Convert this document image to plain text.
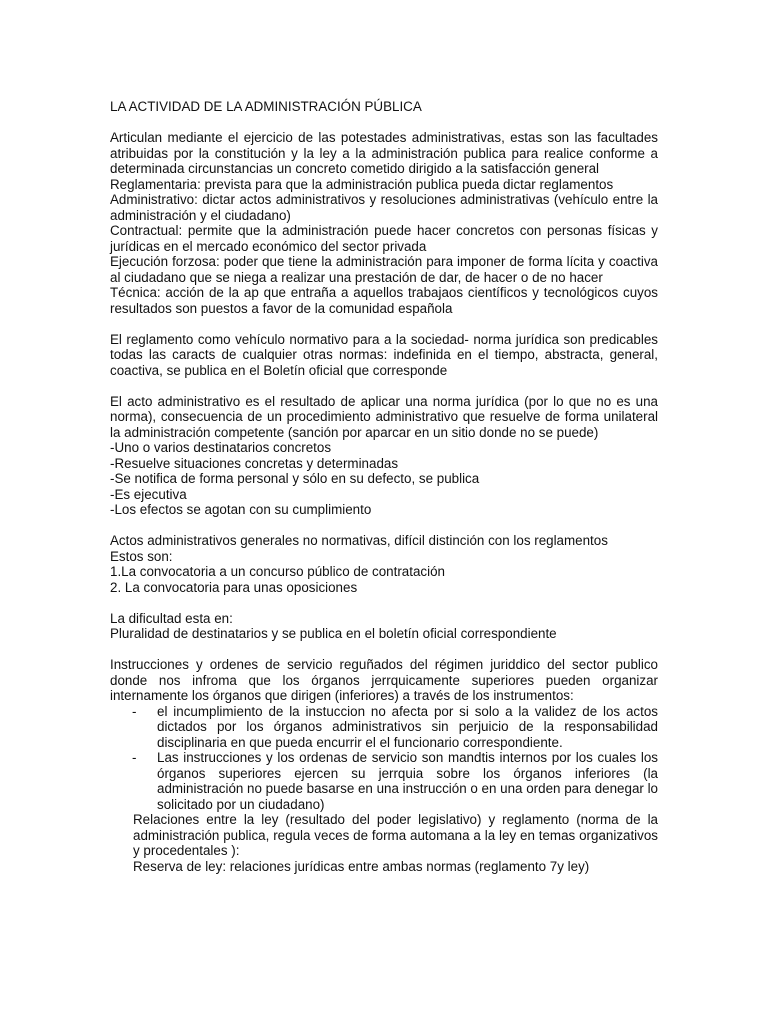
LA ACTIVIDAD DE LA ADMINISTRACIÓN PÚBLICA

Articulan mediante el ejercicio de las potestades administrativas, estas son las facultades atribuidas por la constitución y la ley a la administración publica para realice conforme a determinada circunstancias un concreto cometido dirigido a la satisfacción general

Reglamentaria: prevista para que la administración publica pueda dictar reglamentos

Administrativo: dictar actos administrativos y resoluciones administrativas (vehículo entre la administración y el ciudadano)

Contractual: permite que la administración puede hacer concretos con personas físicas y jurídicas en el mercado económico del sector privada

Ejecución forzosa: poder que tiene la administración para imponer de forma lícita y coactiva al ciudadano que se niega a realizar una prestación de dar, de hacer o de no hacer

Técnica: acción de la ap que entraña a aquellos trabajaos científicos y tecnológicos cuyos resultados son puestos a favor de la comunidad española

El reglamento como vehículo normativo para a la sociedad- norma jurídica son predicables todas las caracts de cualquier otras normas: indefinida en el tiempo, abstracta, general, coactiva, se publica en el Boletín oficial que corresponde

El acto administrativo es el resultado de aplicar una norma jurídica (por lo que no es una norma), consecuencia de un procedimiento administrativo que resuelve de forma unilateral la administración competente (sanción por aparcar en un sitio donde no se puede)

-Uno o varios destinatarios concretos

-Resuelve situaciones concretas y determinadas

-Se notifica de forma personal y sólo en su defecto, se publica

-Es ejecutiva

-Los efectos se agotan con su cumplimiento

Actos administrativos generales no normativas, difícil distinción con los reglamentos

Estos son:

1.La convocatoria a un concurso público de contratación

2. La convocatoria para unas oposiciones

La dificultad esta en:

Pluralidad de destinatarios y se publica en el boletín oficial correspondiente

Instrucciones y ordenes de servicio reguñados del régimen juriddico del sector publico donde nos infroma que los órganos jerrquicamente superiores pueden organizar internamente los órganos que dirigen (inferiores) a través de los instrumentos:

- el incumplimiento de la instuccion no afecta por si solo a la validez de los actos dictados por los órganos administrativos sin perjuicio de la responsabilidad disciplinaria en que pueda encurrir el el funcionario correspondiente.
- Las instrucciones y los ordenas de servicio son mandtis internos por los cuales los órganos superiores ejercen su jerrquia sobre los órganos inferiores (la administración no puede basarse en una instrucción o en una orden para denegar lo solicitado por un ciudadano)

Relaciones entre la ley (resultado del poder legislativo) y reglamento (norma de la administración publica, regula veces de forma automana a la ley en temas organizativos y procedentales ):

Reserva de ley: relaciones jurídicas entre ambas normas (reglamento 7y ley)
